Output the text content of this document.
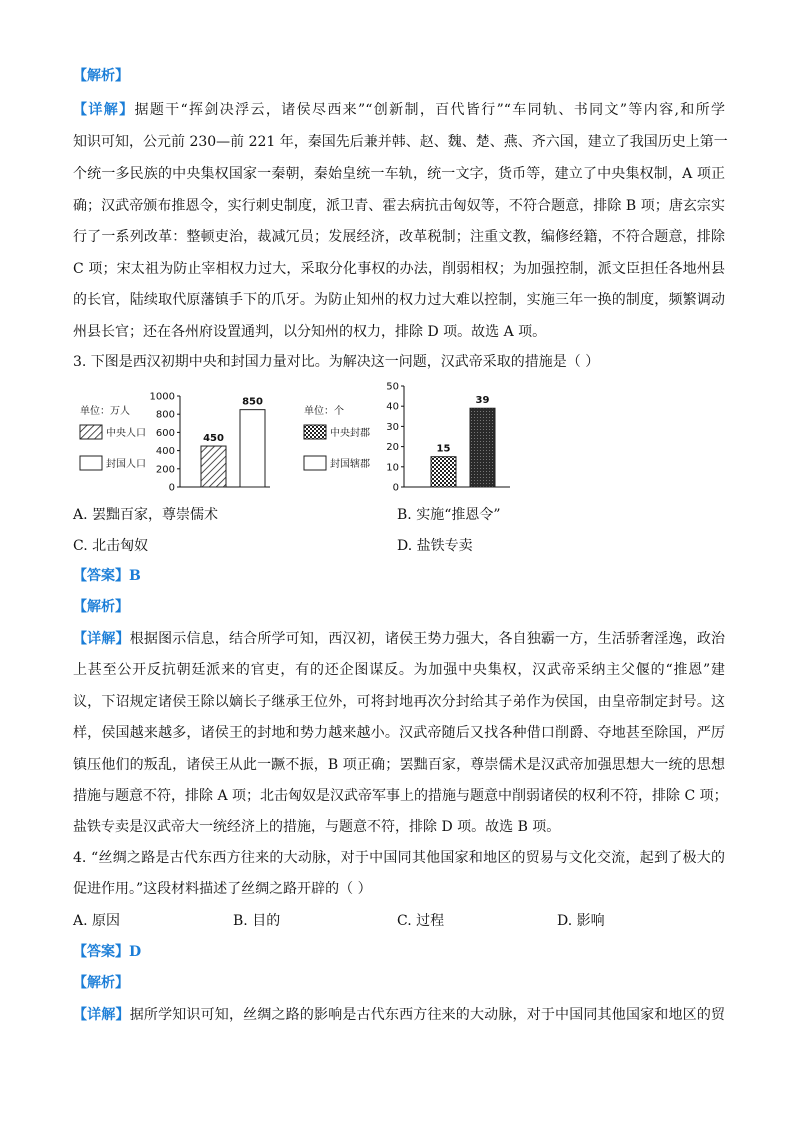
【解析】
【详解】据题干“挥剑决浮云，诸侯尽西来”“创新制，百代皆行”“车同轨、书同文”等内容,和所学
知识可知，公元前 230—前 221 年，秦国先后兼并韩、赵、魏、楚、燕、齐六国，建立了我国历史上第一
个统一多民族的中央集权国家一秦朝，秦始皇统一车轨，统一文字，货币等，建立了中央集权制，A 项正
确；汉武帝颁布推恩令，实行刺史制度，派卫青、霍去病抗击匈奴等，不符合题意，排除 B 项；唐玄宗实
行了一系列改革：整顿吏治，裁减冗员；发展经济，改革税制；注重文教，编修经籍，不符合题意，排除
C 项；宋太祖为防止宰相权力过大，采取分化事权的办法，削弱相权；为加强控制，派文臣担任各地州县
的长官，陆续取代原藩镇手下的爪牙。为防止知州的权力过大难以控制，实施三年一换的制度，频繁调动
州县长官；还在各州府设置通判，以分知州的权力，排除 D 项。故选 A 项。
3. 下图是西汉初期中央和封国力量对比。为解决这一问题，汉武帝采取的措施是（ ）
单位：万人
中央人口
封国人口
0
200
400
600
800
1000
450
850
单位：个
中央封郡
封国辖郡
0
10
20
30
40
50
15
39
A. 罢黜百家，尊崇儒术	B. 实施“推恩令”
C. 北击匈奴	D. 盐铁专卖
【答案】B
【解析】
【详解】根据图示信息，结合所学可知，西汉初，诸侯王势力强大，各自独霸一方，生活骄奢淫逸，政治
上甚至公开反抗朝廷派来的官吏，有的还企图谋反。为加强中央集权，汉武帝采纳主父偃的“推恩”建
议，下诏规定诸侯王除以嫡长子继承王位外，可将封地再次分封给其子弟作为侯国，由皇帝制定封号。这
样，侯国越来越多，诸侯王的封地和势力越来越小。汉武帝随后又找各种借口削爵、夺地甚至除国，严厉
镇压他们的叛乱，诸侯王从此一蹶不振，B 项正确；罢黜百家，尊崇儒术是汉武帝加强思想大一统的思想
措施与题意不符，排除 A 项；北击匈奴是汉武帝军事上的措施与题意中削弱诸侯的权利不符，排除 C 项；
盐铁专卖是汉武帝大一统经济上的措施，与题意不符，排除 D 项。故选 B 项。
4. “丝绸之路是古代东西方往来的大动脉，对于中国同其他国家和地区的贸易与文化交流，起到了极大的
促进作用。”这段材料描述了丝绸之路开辟的（ ）
A. 原因	B. 目的	C. 过程	D. 影响
【答案】D
【解析】
【详解】据所学知识可知，丝绸之路的影响是古代东西方往来的大动脉，对于中国同其他国家和地区的贸
